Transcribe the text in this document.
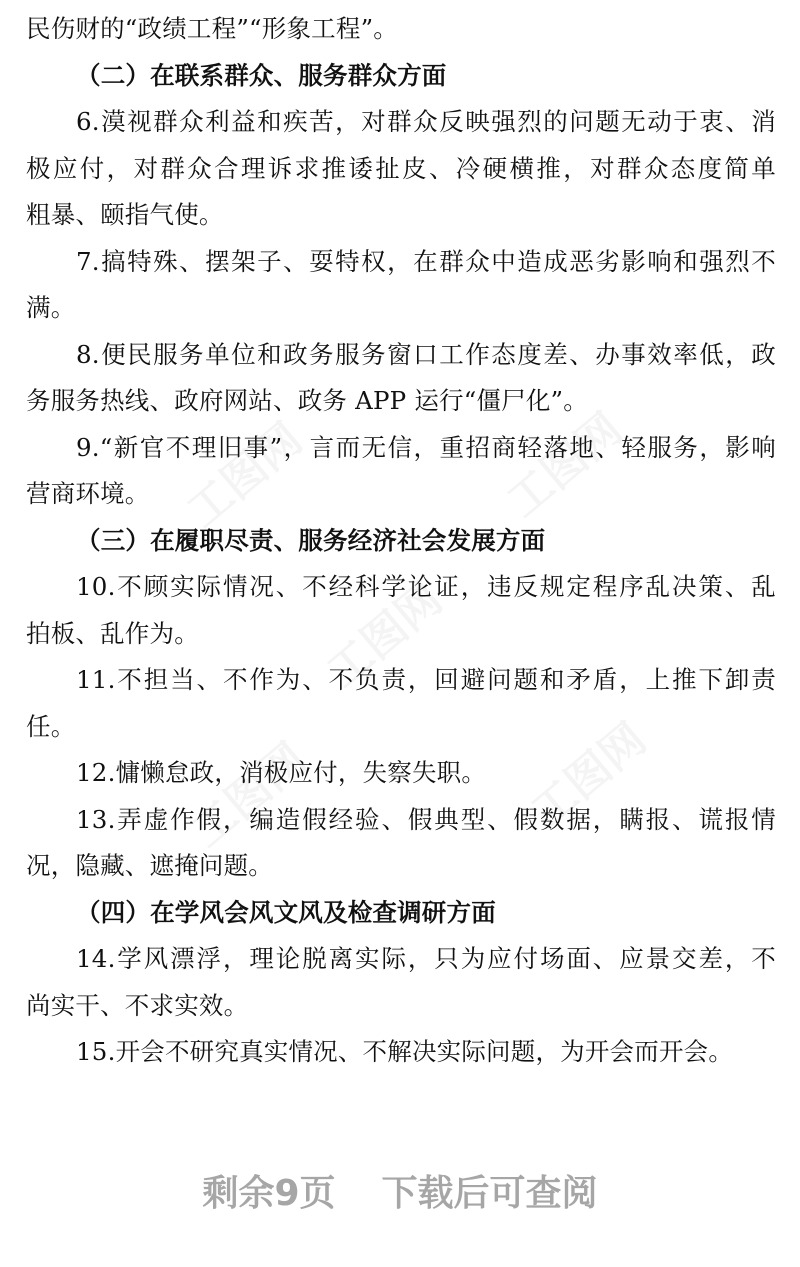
民伤财的“政绩工程”“形象工程”。
（二）在联系群众、服务群众方面
6.漠视群众利益和疾苦，对群众反映强烈的问题无动于衷、消
极应付，对群众合理诉求推诿扯皮、冷硬横推，对群众态度简单
粗暴、颐指气使。
7.搞特殊、摆架子、耍特权，在群众中造成恶劣影响和强烈不
满。
8.便民服务单位和政务服务窗口工作态度差、办事效率低，政
务服务热线、政府网站、政务 APP 运行“僵尸化”。
9.“新官不理旧事”，言而无信，重招商轻落地、轻服务，影响
营商环境。
（三）在履职尽责、服务经济社会发展方面
10.不顾实际情况、不经科学论证，违反规定程序乱决策、乱
拍板、乱作为。
11.不担当、不作为、不负责，回避问题和矛盾，上推下卸责
任。
12.慵懒怠政，消极应付，失察失职。
13.弄虚作假，编造假经验、假典型、假数据，瞒报、谎报情
况，隐藏、遮掩问题。
（四）在学风会风文风及检查调研方面
14.学风漂浮，理论脱离实际，只为应付场面、应景交差，不
尚实干、不求实效。
15.开会不研究真实情况、不解决实际问题，为开会而开会。
剩余9页 下载后可查阅
